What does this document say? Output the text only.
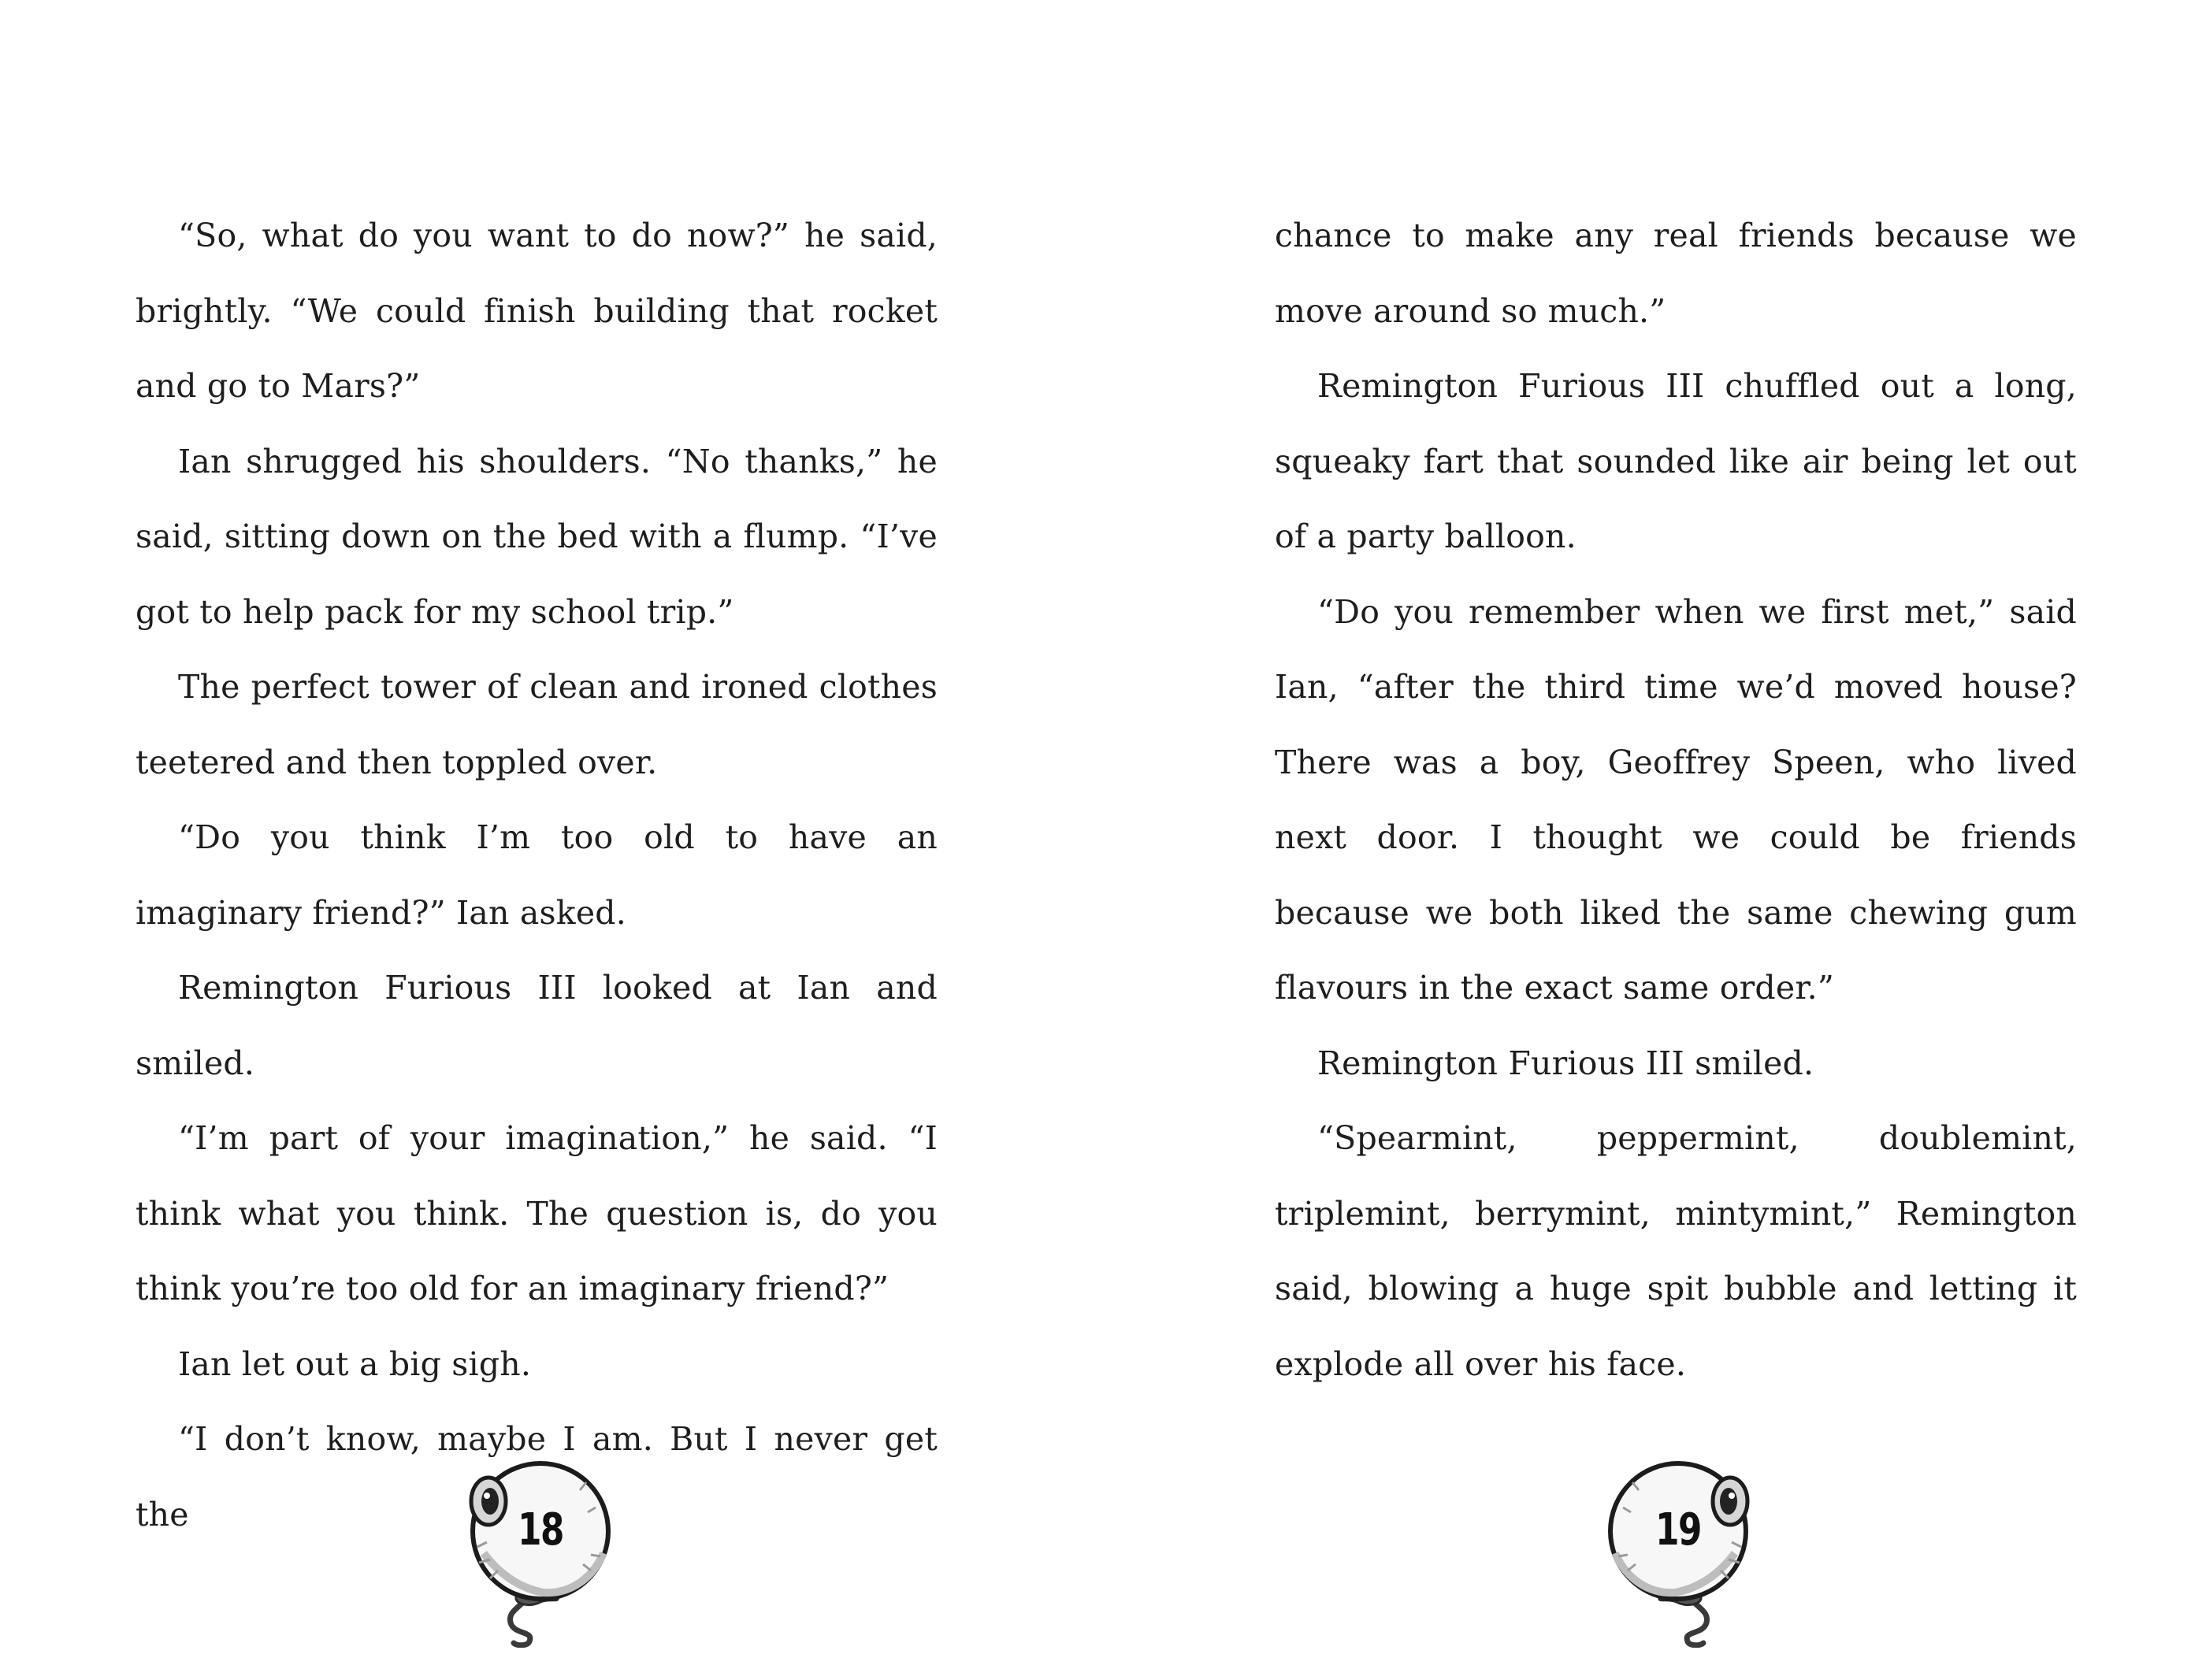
“So, what do you want to do now?” he said, brightly. “We could finish building that rocket and go to Mars?”

Ian shrugged his shoulders. “No thanks,” he said, sitting down on the bed with a flump. “I’ve got to help pack for my school trip.”

The perfect tower of clean and ironed clothes teetered and then toppled over.

“Do you think I’m too old to have an imaginary friend?” Ian asked.

Remington Furious III looked at Ian and smiled.

“I’m part of your imagination,” he said. “I think what you think. The question is, do you think you’re too old for an imaginary friend?”

Ian let out a big sigh.

“I don’t know, maybe I am. But I never get the	18

chance to make any real friends because we move around so much.”

Remington Furious III chuffled out a long, squeaky fart that sounded like air being let out of a party balloon.

“Do you remember when we first met,” said Ian, “after the third time we’d moved house? There was a boy, Geoffrey Speen, who lived next door. I thought we could be friends because we both liked the same chewing gum flavours in the exact same order.”

Remington Furious III smiled.

“Spearmint, peppermint, doublemint, triplemint, berrymint, mintymint,” Remington said, blowing a huge spit bubble and letting it explode all over his face.

19
